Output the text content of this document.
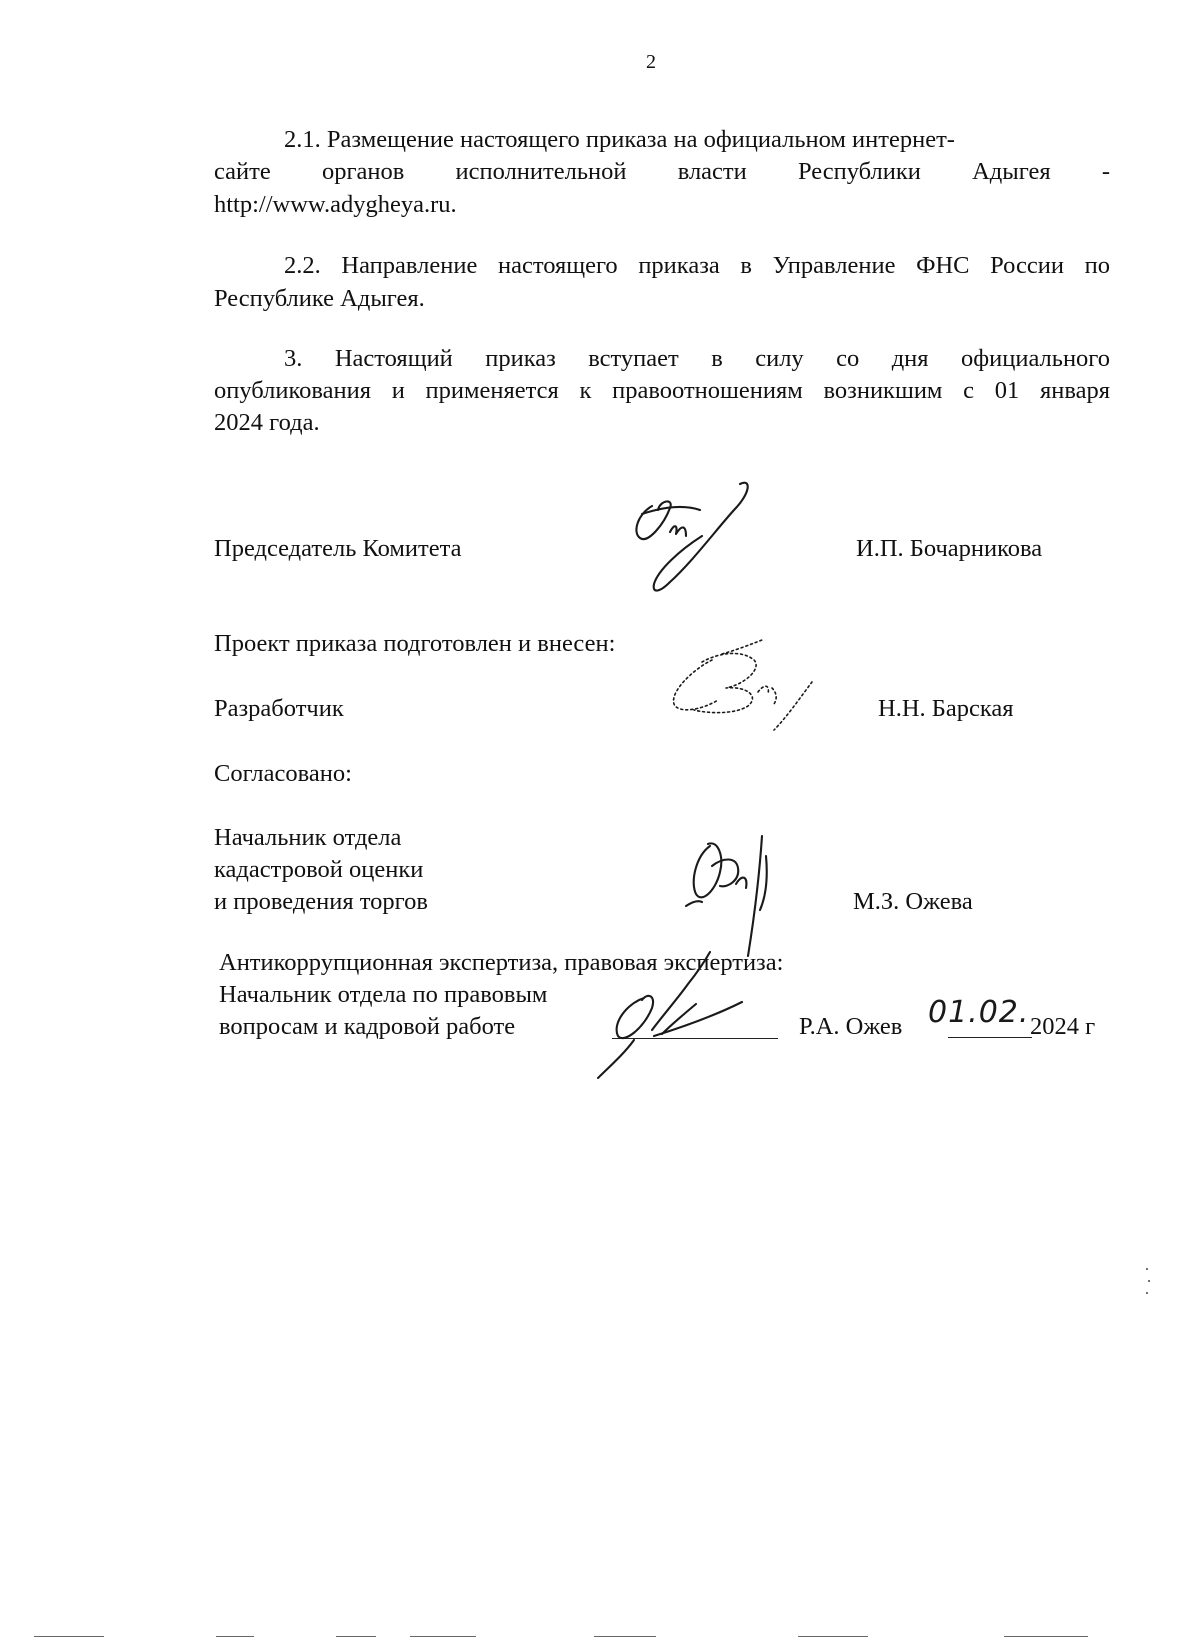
2
2.1. Размещение настоящего приказа на официальном интернет-
сайте органов исполнительной власти Республики Адыгея -
http://www.adygheya.ru.
2.2. Направление настоящего приказа в Управление ФНС России по
Республике Адыгея.
3. Настоящий приказ вступает в силу со дня официального
опубликования и применяется к правоотношениям возникшим с 01 января
2024 года.
Председатель Комитета	И.П. Бочарникова
Проект приказа подготовлен и внесен:
Разработчик	Н.Н. Барская
Согласовано:
Начальник отдела
кадастровой оценки
и проведения торгов	М.З. Ожева
Антикоррупционная экспертиза, правовая экспертиза:
Начальник отдела по правовым
вопросам и кадровой работе	Р.А. Ожев 01.02. 2024 г
